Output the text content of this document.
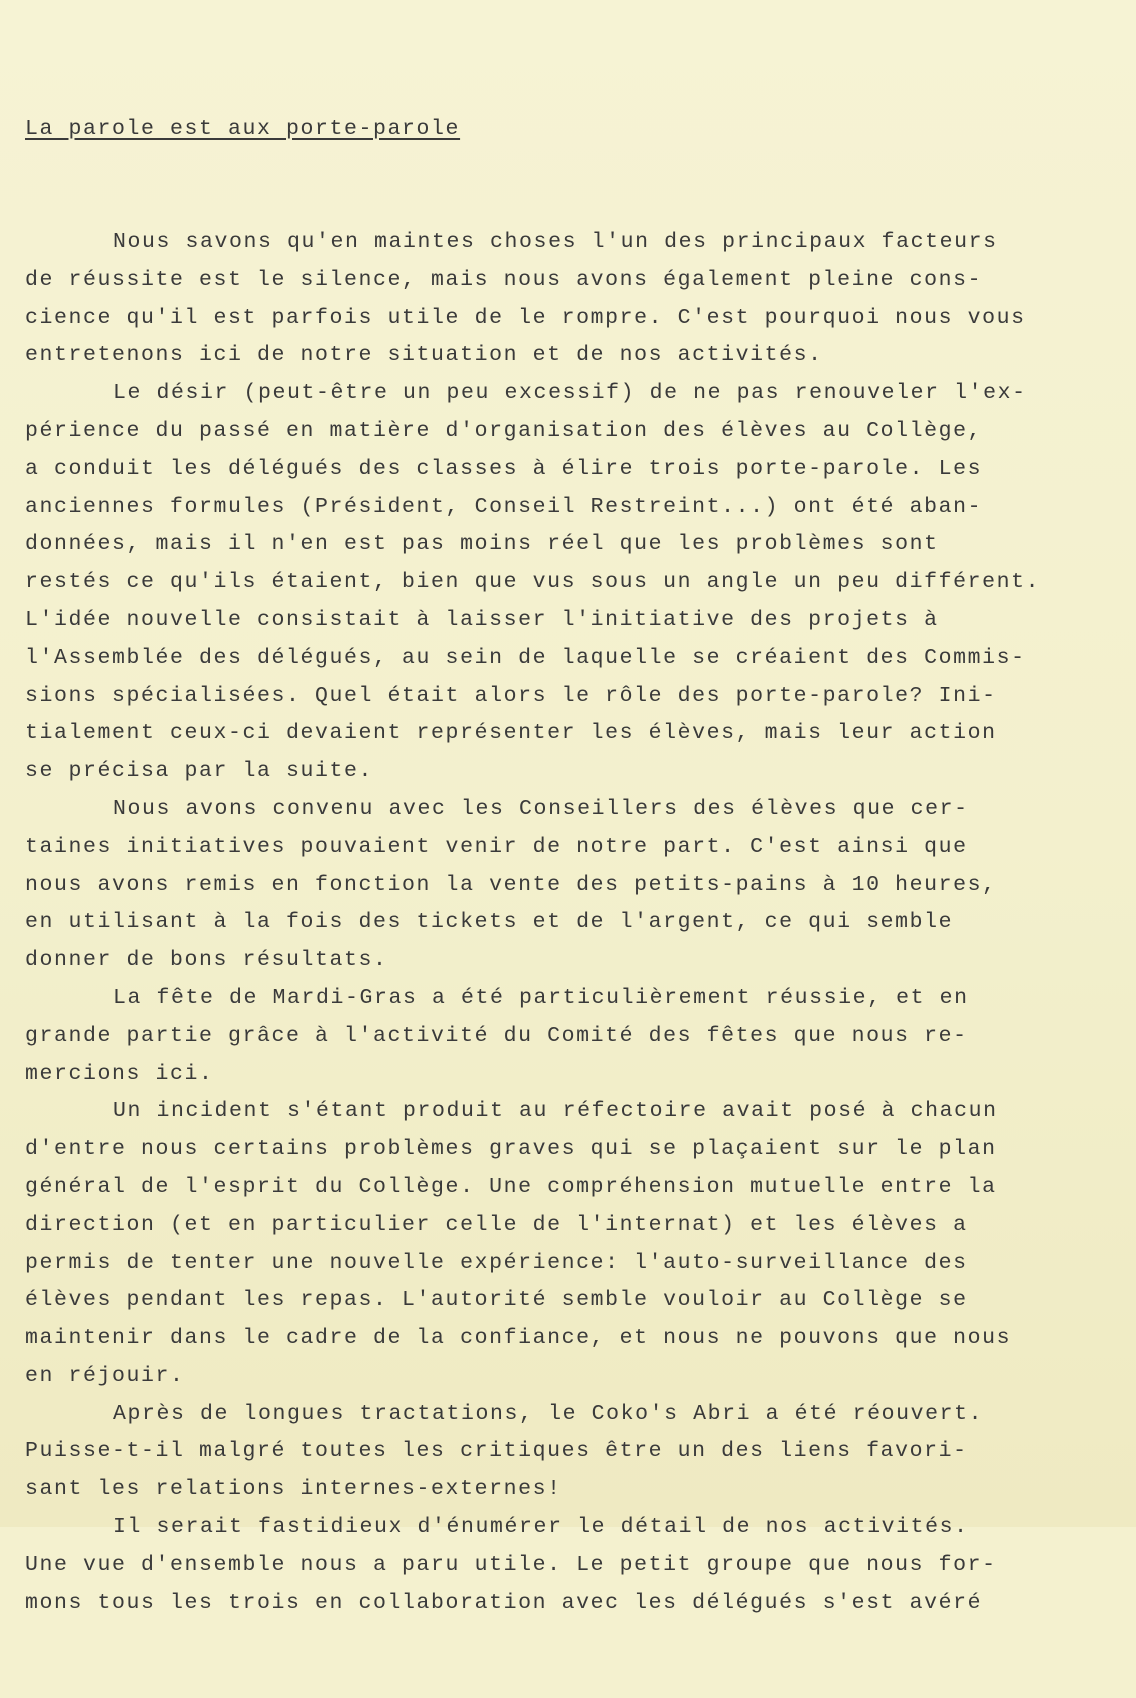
La parole est aux porte-parole

Nous savons qu'en maintes choses l'un des principaux facteurs
de réussite est le silence, mais nous avons également pleine cons-
cience qu'il est parfois utile de le rompre. C'est pourquoi nous vous
entretenons ici de notre situation et de nos activités.
Le désir (peut-être un peu excessif) de ne pas renouveler l'ex-
périence du passé en matière d'organisation des élèves au Collège,
a conduit les délégués des classes à élire trois porte-parole. Les
anciennes formules (Président, Conseil Restreint...) ont été aban-
données, mais il n'en est pas moins réel que les problèmes sont
restés ce qu'ils étaient, bien que vus sous un angle un peu différent.
L'idée nouvelle consistait à laisser l'initiative des projets à
l'Assemblée des délégués, au sein de laquelle se créaient des Commis-
sions spécialisées. Quel était alors le rôle des porte-parole? Ini-
tialement ceux-ci devaient représenter les élèves, mais leur action
se précisa par la suite.
Nous avons convenu avec les Conseillers des élèves que cer-
taines initiatives pouvaient venir de notre part. C'est ainsi que
nous avons remis en fonction la vente des petits-pains à 10 heures,
en utilisant à la fois des tickets et de l'argent, ce qui semble
donner de bons résultats.
La fête de Mardi-Gras a été particulièrement réussie, et en
grande partie grâce à l'activité du Comité des fêtes que nous re-
mercions ici.
Un incident s'étant produit au réfectoire avait posé à chacun
d'entre nous certains problèmes graves qui se plaçaient sur le plan
général de l'esprit du Collège. Une compréhension mutuelle entre la
direction (et en particulier celle de l'internat) et les élèves a
permis de tenter une nouvelle expérience: l'auto-surveillance des
élèves pendant les repas. L'autorité semble vouloir au Collège se
maintenir dans le cadre de la confiance, et nous ne pouvons que nous
en réjouir.
Après de longues tractations, le Coko's Abri a été réouvert.
Puisse-t-il malgré toutes les critiques être un des liens favori-
sant les relations internes-externes!
Il serait fastidieux d'énumérer le détail de nos activités.
Une vue d'ensemble nous a paru utile. Le petit groupe que nous for-
mons tous les trois en collaboration avec les délégués s'est avéré
